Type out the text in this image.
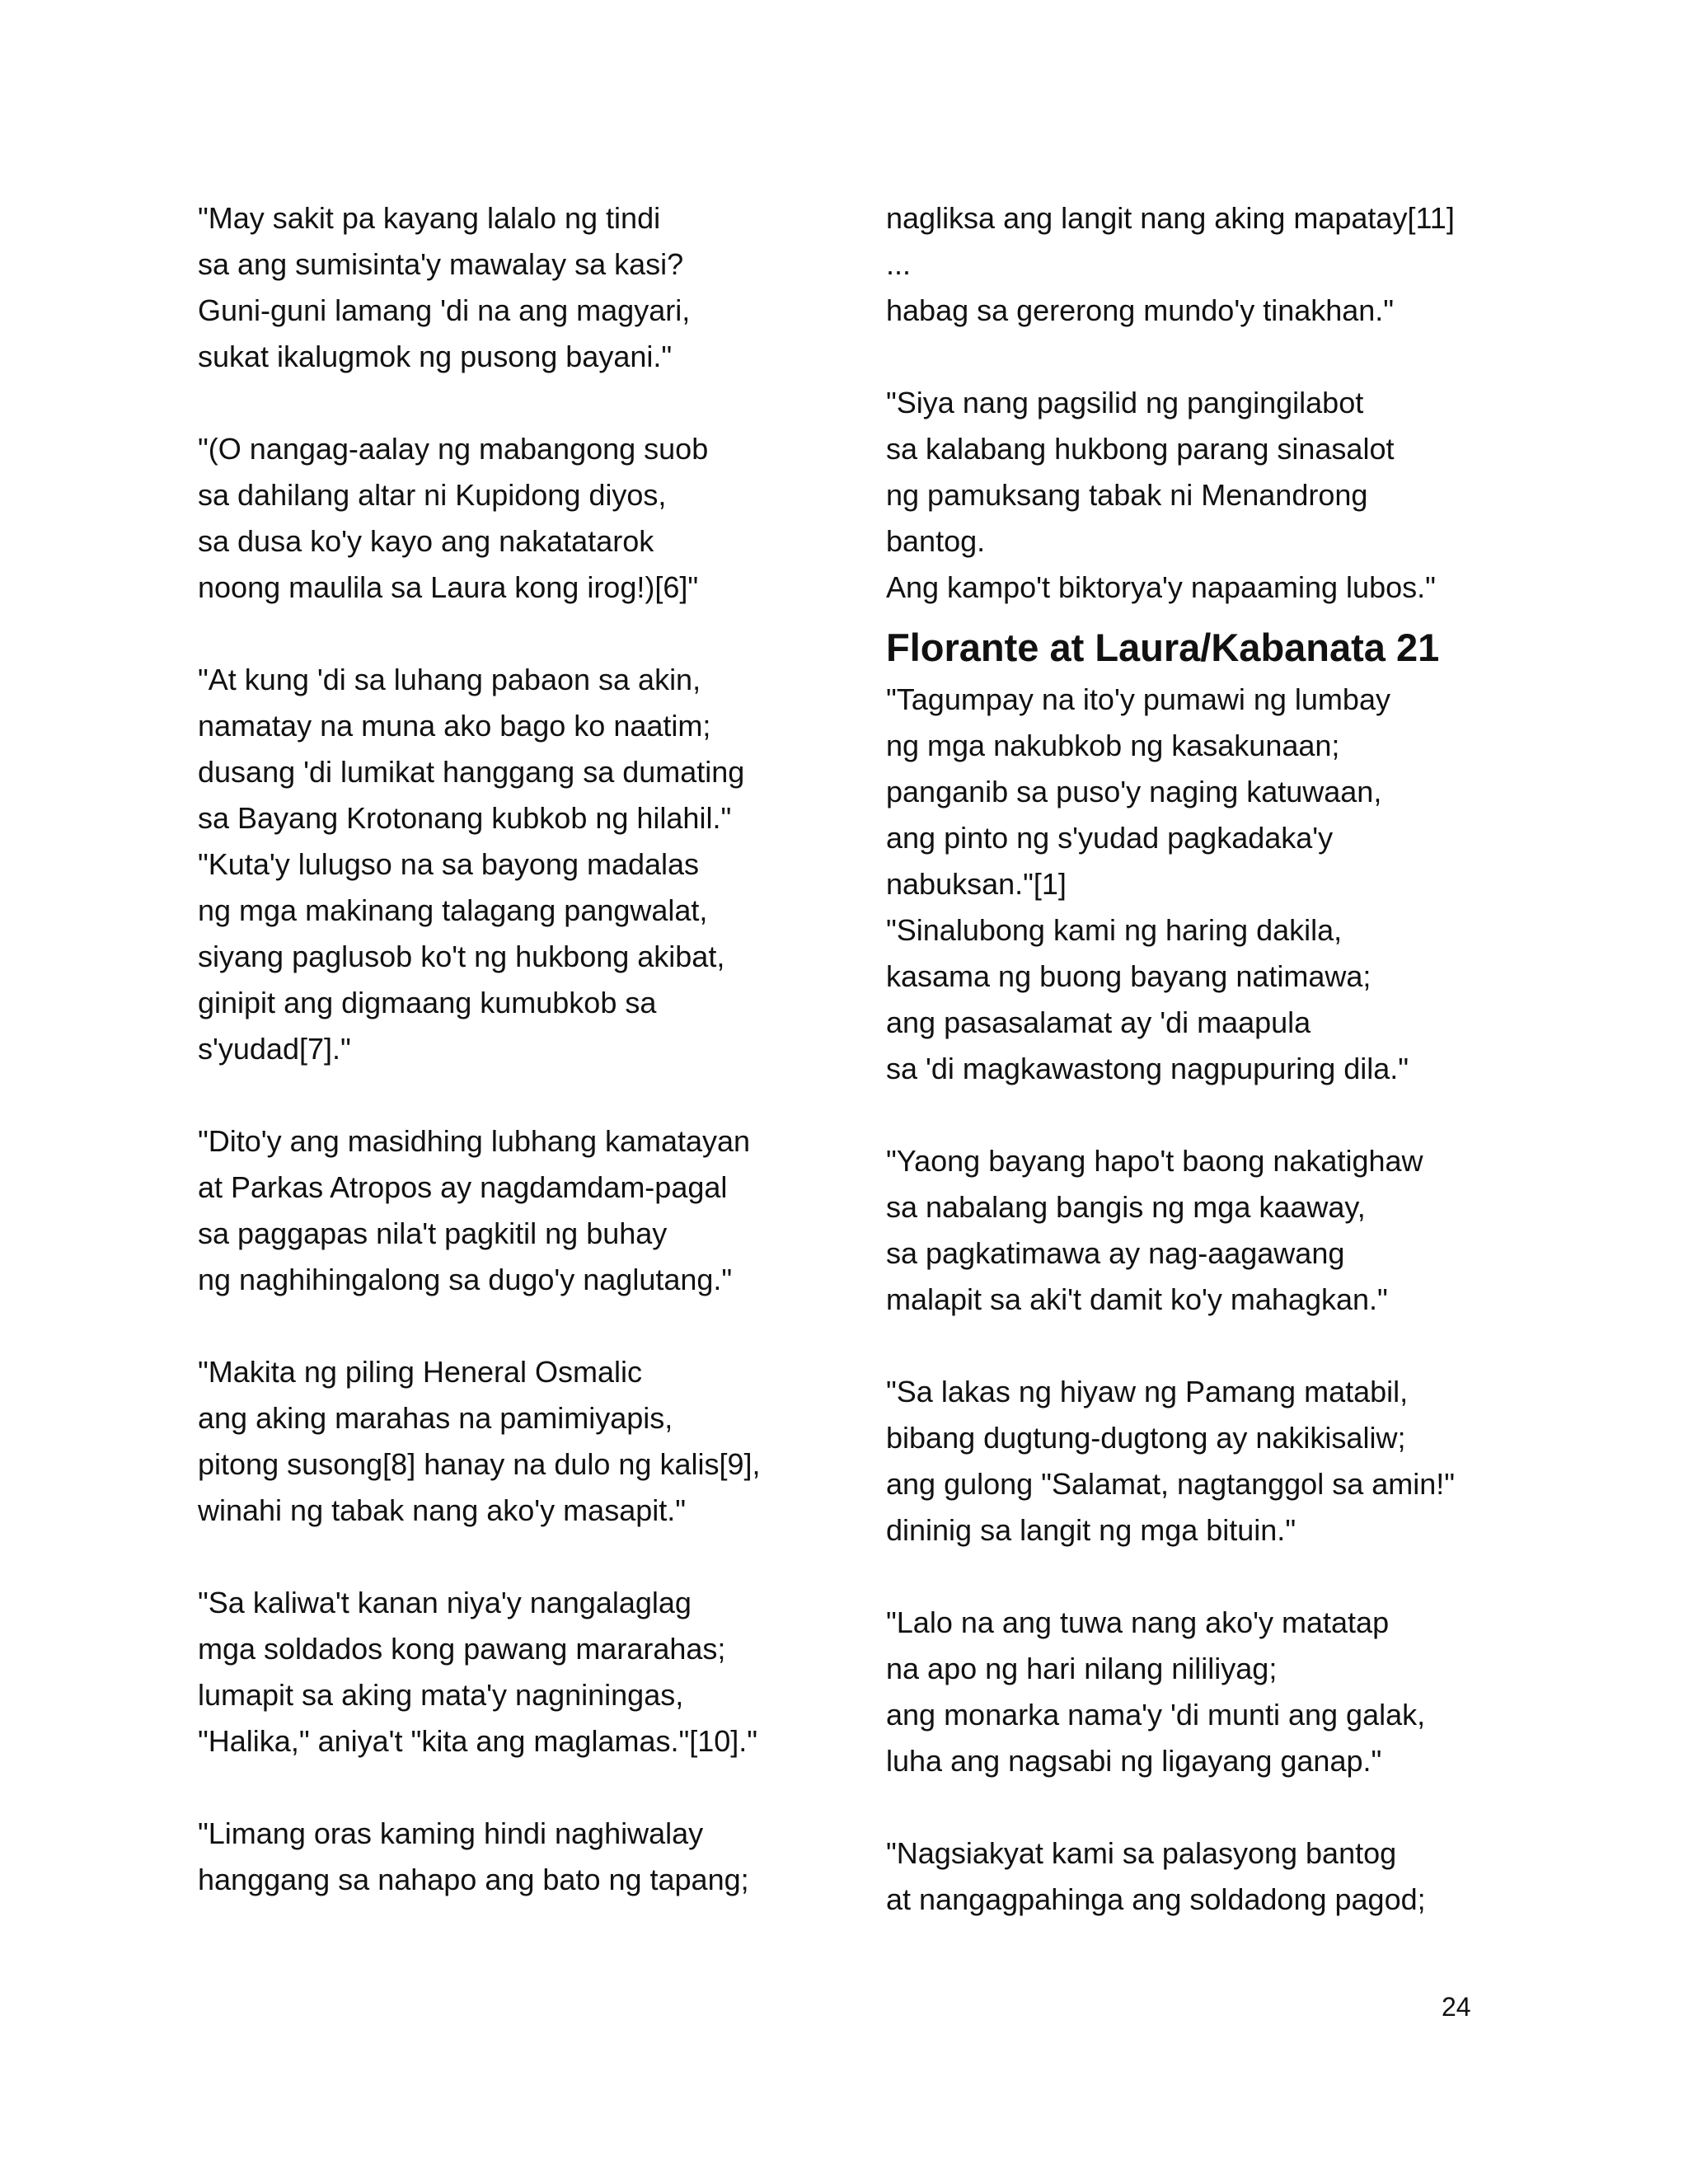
"May sakit pa kayang lalalo ng tindi
sa ang sumisinta'y mawalay sa kasi?
Guni-guni lamang 'di na ang magyari,
sukat ikalugmok ng pusong bayani."
"(O nangag-aalay ng mabangong suob
sa dahilang altar ni Kupidong diyos,
sa dusa ko'y kayo ang nakatatarok
noong maulila sa Laura kong irog!)[6]"
"At kung 'di sa luhang pabaon sa akin,
namatay na muna ako bago ko naatim;
dusang 'di lumikat hanggang sa dumating
sa Bayang Krotonang kubkob ng hilahil."
"Kuta'y lulugso na sa bayong madalas
ng mga makinang talagang pangwalat,
siyang paglusob ko't ng hukbong akibat,
ginipit ang digmaang kumubkob sa
s'yudad[7]."
"Dito'y ang masidhing lubhang kamatayan
at Parkas Atropos ay nagdamdam-pagal
sa paggapas nila't pagkitil ng buhay
ng naghihingalong sa dugo'y naglutang."
"Makita ng piling Heneral Osmalic
ang aking marahas na pamimiyapis,
pitong susong[8] hanay na dulo ng kalis[9],
winahi ng tabak nang ako'y masapit."
"Sa kaliwa't kanan niya'y nangalaglag
mga soldados kong pawang mararahas;
lumapit sa aking mata'y nagniningas,
"Halika," aniya't "kita ang maglamas."[10]."
"Limang oras kaming hindi naghiwalay
hanggang sa nahapo ang bato ng tapang;
nagliksa ang langit nang aking mapatay[11]
...
habag sa gererong mundo'y tinakhan."
"Siya nang pagsilid ng pangingilabot
sa kalabang hukbong parang sinasalot
ng pamuksang tabak ni Menandrong
bantog.
Ang kampo't biktorya'y napaaming lubos."
Florante at Laura/Kabanata 21
"Tagumpay na ito'y pumawi ng lumbay
ng mga nakubkob ng kasakunaan;
panganib sa puso'y naging katuwaan,
ang pinto ng s'yudad pagkadaka'y
nabuksan."[1]
"Sinalubong kami ng haring dakila,
kasama ng buong bayang natimawa;
ang pasasalamat ay 'di maapula
sa 'di magkawastong nagpupuring dila."
"Yaong bayang hapo't baong nakatighaw
sa nabalang bangis ng mga kaaway,
sa pagkatimawa ay nag-aagawang
malapit sa aki't damit ko'y mahagkan."
"Sa lakas ng hiyaw ng Pamang matabil,
bibang dugtung-dugtong ay nakikisaliw;
ang gulong "Salamat, nagtanggol sa amin!"
dininig sa langit ng mga bituin."
"Lalo na ang tuwa nang ako'y matatap
na apo ng hari nilang nililiyag;
ang monarka nama'y 'di munti ang galak,
luha ang nagsabi ng ligayang ganap."
"Nagsiakyat kami sa palasyong bantog
at nangagpahinga ang soldadong pagod;
24
